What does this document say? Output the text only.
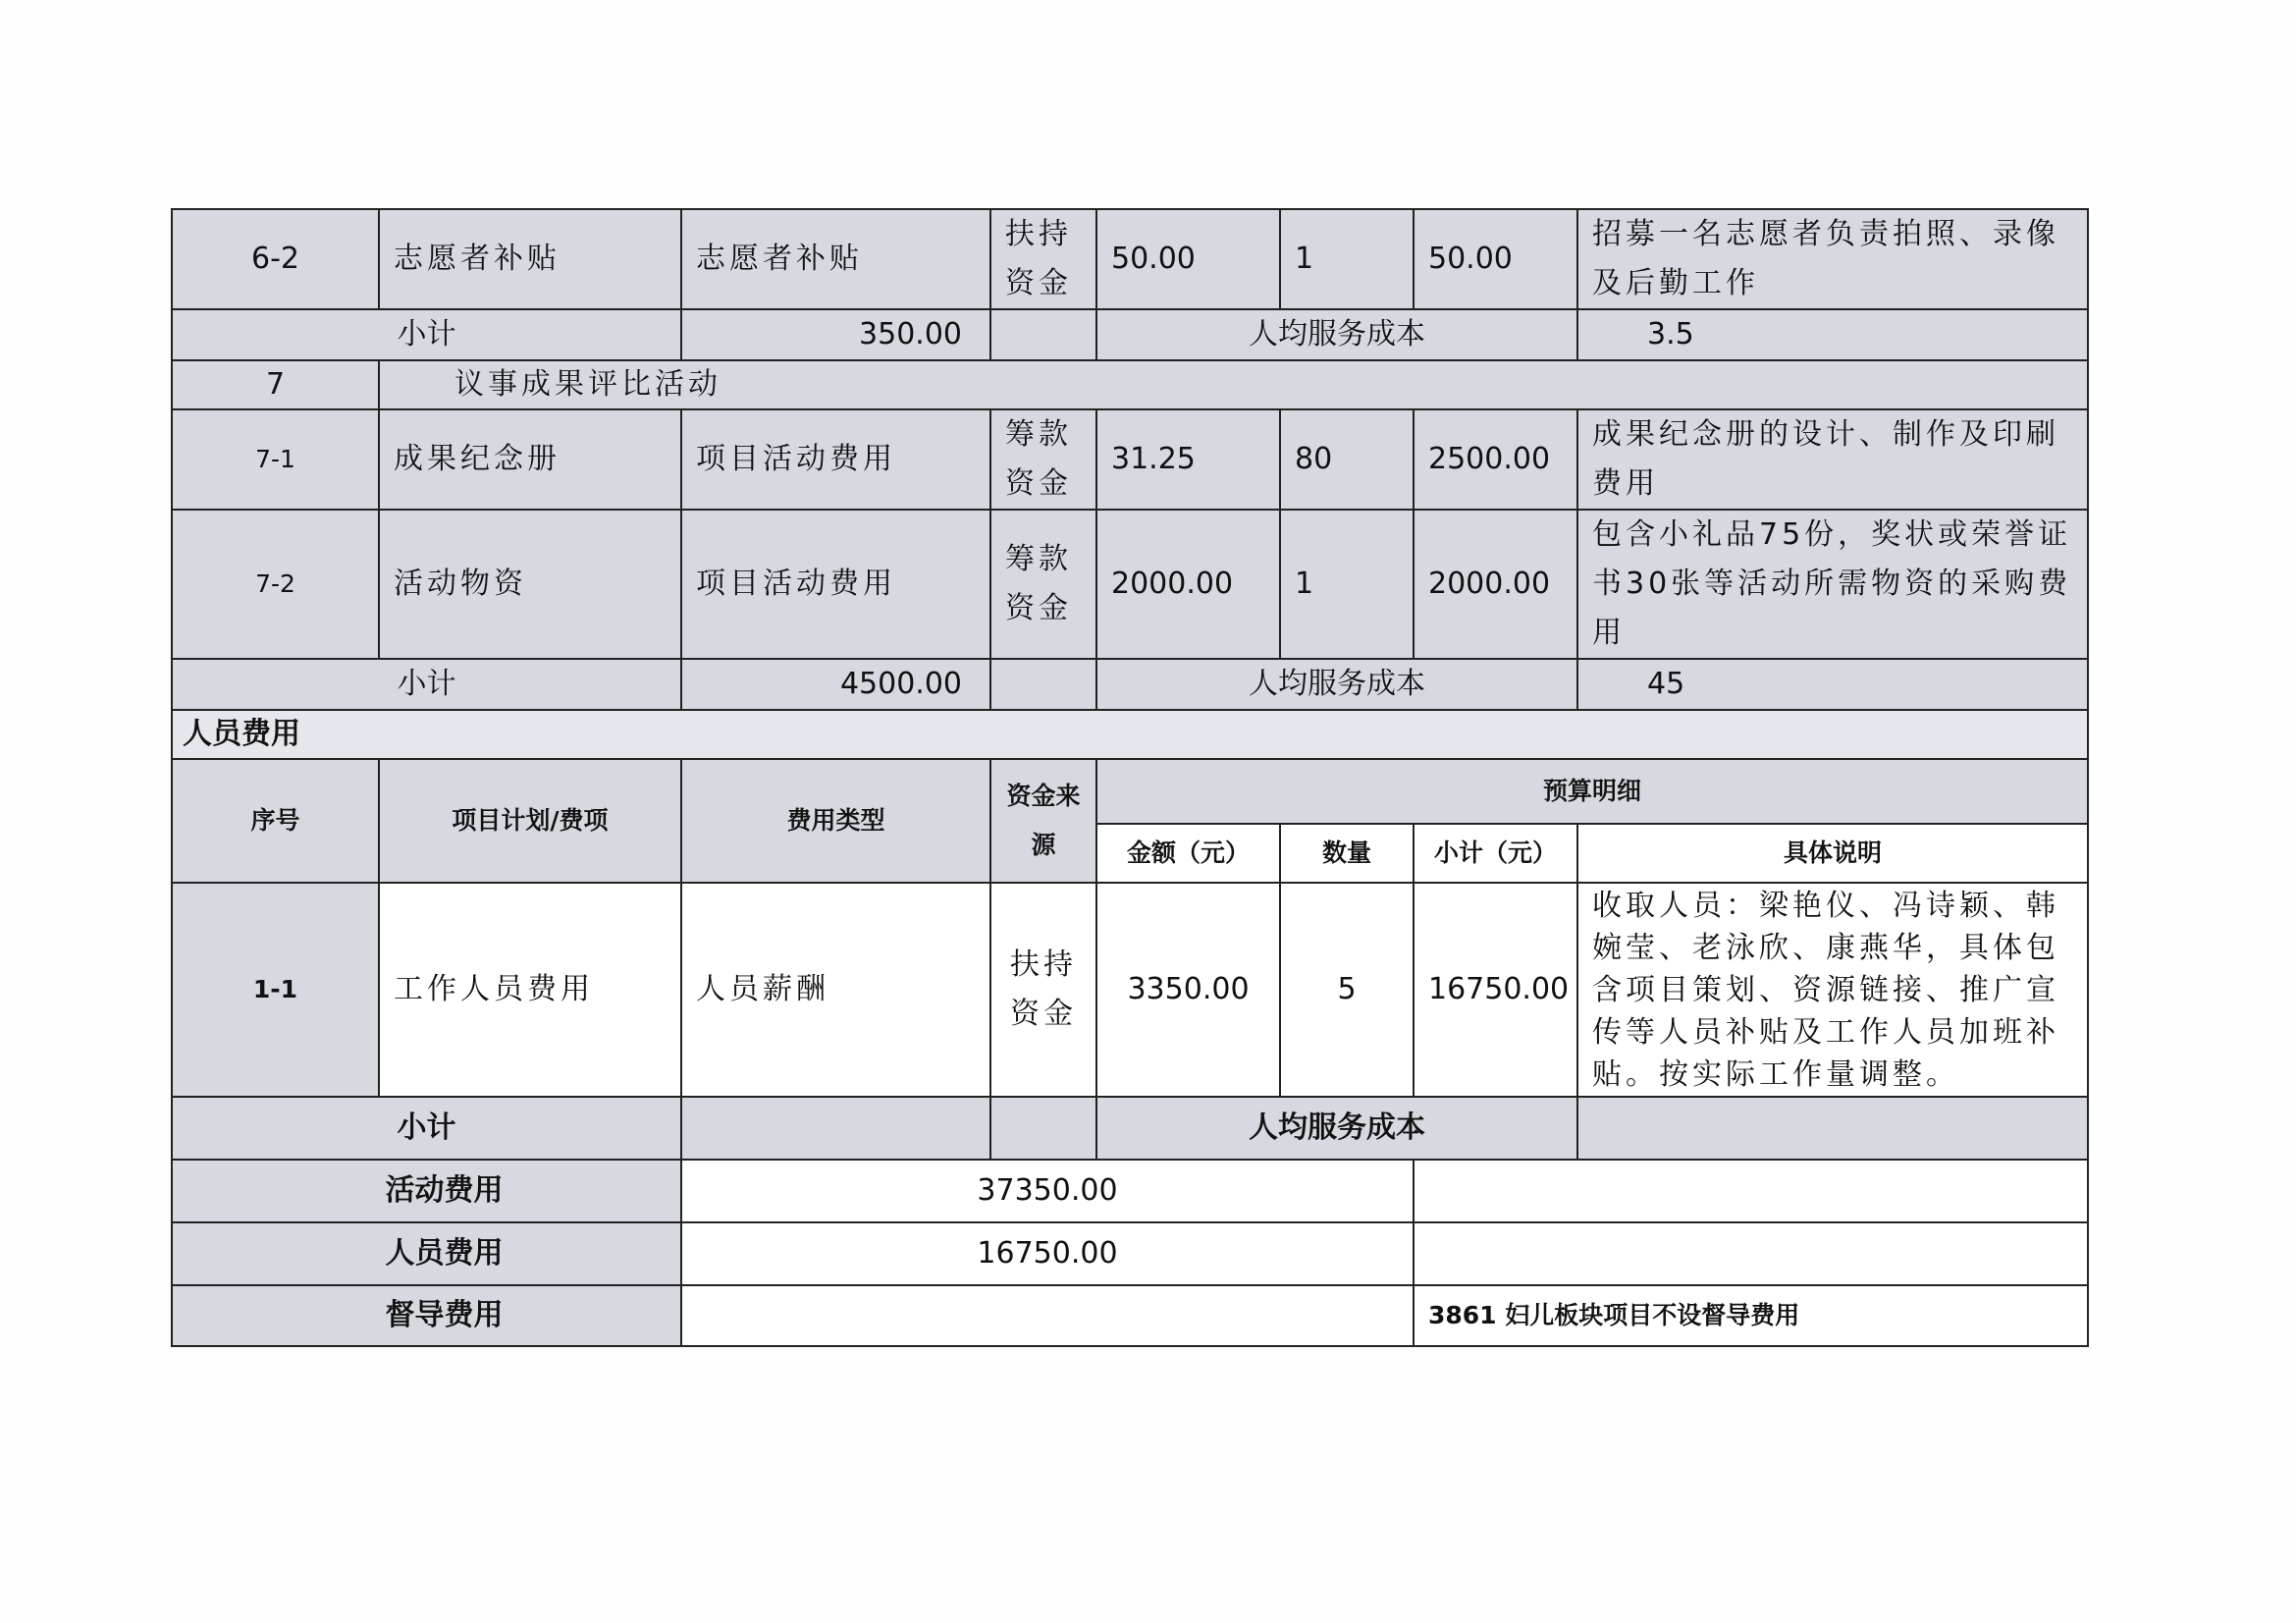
6-2	志愿者补贴	志愿者补贴	扶持资金	50.00	1	50.00	招募一名志愿者负责拍照、录像及后勤工作
小计		350.00		人均服务成本			3.5
7	议事成果评比活动						
7-1	成果纪念册	项目活动费用	筹款资金	31.25	80	2500.00	成果纪念册的设计、制作及印刷费用
7-2	活动物资	项目活动费用	筹款资金	2000.00	1	2000.00	包含小礼品75份，奖状或荣誉证书30张等活动所需物资的采购费用
小计		4500.00		人均服务成本			45
人员费用							
序号	项目计划/费项	费用类型	资金来源	预算明细			
				金额（元）	数量	小计（元）	具体说明
1-1	工作人员费用	人员薪酬	扶持资金	3350.00	5	16750.00	收取人员：梁艳仪、冯诗颖、韩婉莹、老泳欣、康燕华，具体包含项目策划、资源链接、推广宣传等人员补贴及工作人员加班补贴。按实际工作量调整。
小计				人均服务成本			
活动费用		37350.00					
人员费用		16750.00					
督导费用						3861 妇儿板块项目不设督导费用	
